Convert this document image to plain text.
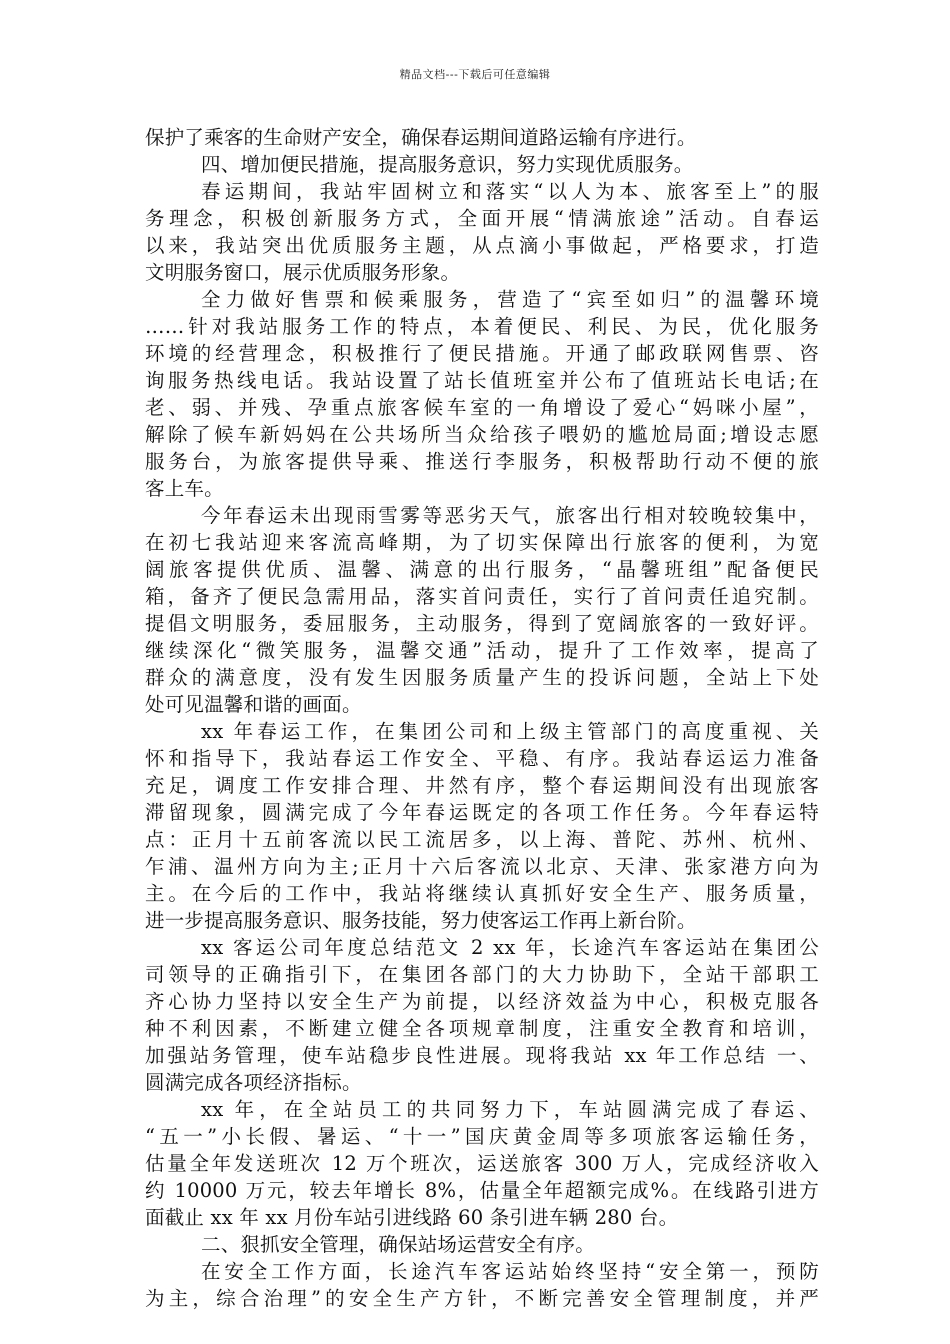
精品文档---下载后可任意编辑
保护了乘客的生命财产安全，确保春运期间道路运输有序进行。
四、增加便民措施，提高服务意识，努力实现优质服务。
春运期间，我站牢固树立和落实“以人为本、旅客至上”的服
务理念，积极创新服务方式，全面开展“情满旅途”活动。自春运
以来，我站突出优质服务主题，从点滴小事做起，严格要求，打造
文明服务窗口，展示优质服务形象。
全力做好售票和候乘服务，营造了“宾至如归”的温馨环境
……针对我站服务工作的特点，本着便民、利民、为民，优化服务
环境的经营理念，积极推行了便民措施。开通了邮政联网售票、咨
询服务热线电话。我站设置了站长值班室并公布了值班站长电话;在
老、弱、并残、孕重点旅客候车室的一角增设了爱心“妈咪小屋”，
解除了候车新妈妈在公共场所当众给孩子喂奶的尴尬局面;增设志愿
服务台，为旅客提供导乘、推送行李服务，积极帮助行动不便的旅
客上车。
今年春运未出现雨雪雾等恶劣天气，旅客出行相对较晚较集中，
在初七我站迎来客流高峰期，为了切实保障出行旅客的便利，为宽
阔旅客提供优质、温馨、满意的出行服务，“晶馨班组”配备便民
箱，备齐了便民急需用品，落实首问责任，实行了首问责任追究制。
提倡文明服务，委屈服务，主动服务，得到了宽阔旅客的一致好评。
继续深化“微笑服务，温馨交通”活动，提升了工作效率，提高了
群众的满意度，没有发生因服务质量产生的投诉问题，全站上下处
处可见温馨和谐的画面。
xx 年春运工作，在集团公司和上级主管部门的高度重视、关
怀和指导下，我站春运工作安全、平稳、有序。我站春运运力准备
充足，调度工作安排合理、井然有序，整个春运期间没有出现旅客
滞留现象，圆满完成了今年春运既定的各项工作任务。今年春运特
点：正月十五前客流以民工流居多，以上海、普陀、苏州、杭州、
乍浦、温州方向为主;正月十六后客流以北京、天津、张家港方向为
主。在今后的工作中，我站将继续认真抓好安全生产、服务质量，
进一步提高服务意识、服务技能，努力使客运工作再上新台阶。
xx 客运公司年度总结范文 2 xx 年，长途汽车客运站在集团公
司领导的正确指引下，在集团各部门的大力协助下，全站干部职工
齐心协力坚持以安全生产为前提，以经济效益为中心，积极克服各
种不利因素，不断建立健全各项规章制度，注重安全教育和培训，
加强站务管理，使车站稳步良性进展。现将我站 xx 年工作总结 一、
圆满完成各项经济指标。
xx 年，在全站员工的共同努力下，车站圆满完成了春运、
“五一”小长假、暑运、“十一”国庆黄金周等多项旅客运输任务，
估量全年发送班次 12 万个班次，运送旅客 300 万人，完成经济收入
约 10000 万元，较去年增长 8%，估量全年超额完成%。在线路引进方
面截止 xx 年 xx 月份车站引进线路 60 条引进车辆 280 台。
二、狠抓安全管理，确保站场运营安全有序。
在安全工作方面，长途汽车客运站始终坚持“安全第一，预防
为主，综合治理”的安全生产方针，不断完善安全管理制度，并严
